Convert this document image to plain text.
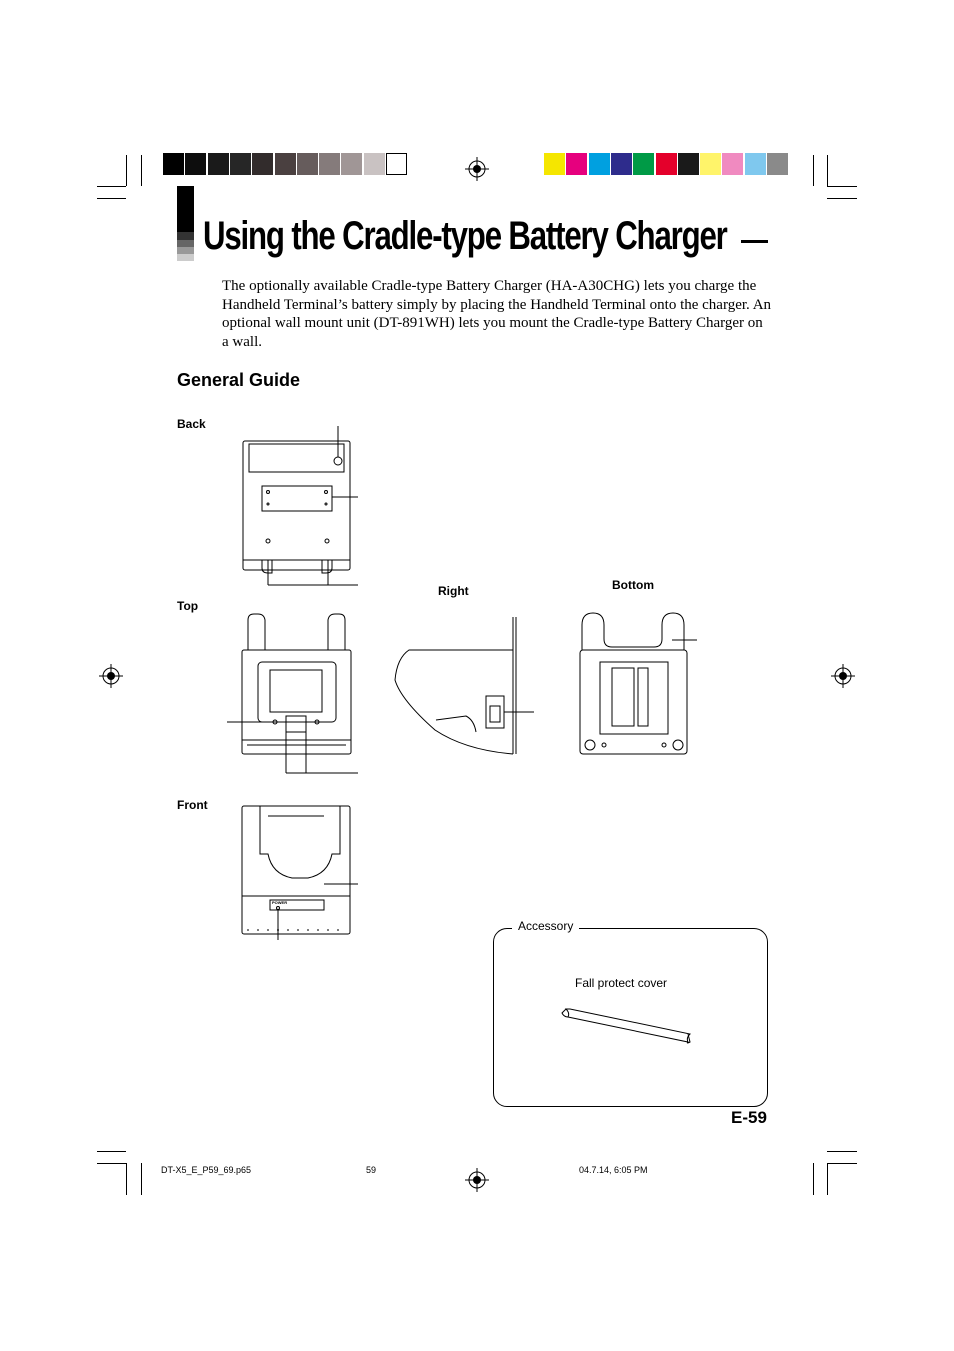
Using the Cradle-type Battery Charger
The optionally available Cradle-type Battery Charger (HA-A30CHG) lets you charge the Handheld Terminal’s battery simply by placing the Handheld Terminal onto the charger. An optional wall mount unit (DT-891WH) lets you mount the Cradle-type Battery Charger on a wall.
General Guide
Back
Top
Right	Bottom
Front
POWER
Accessory
Fall protect cover
E-59
DT-X5_E_P59_69.p65	59	04.7.14, 6:05 PM
